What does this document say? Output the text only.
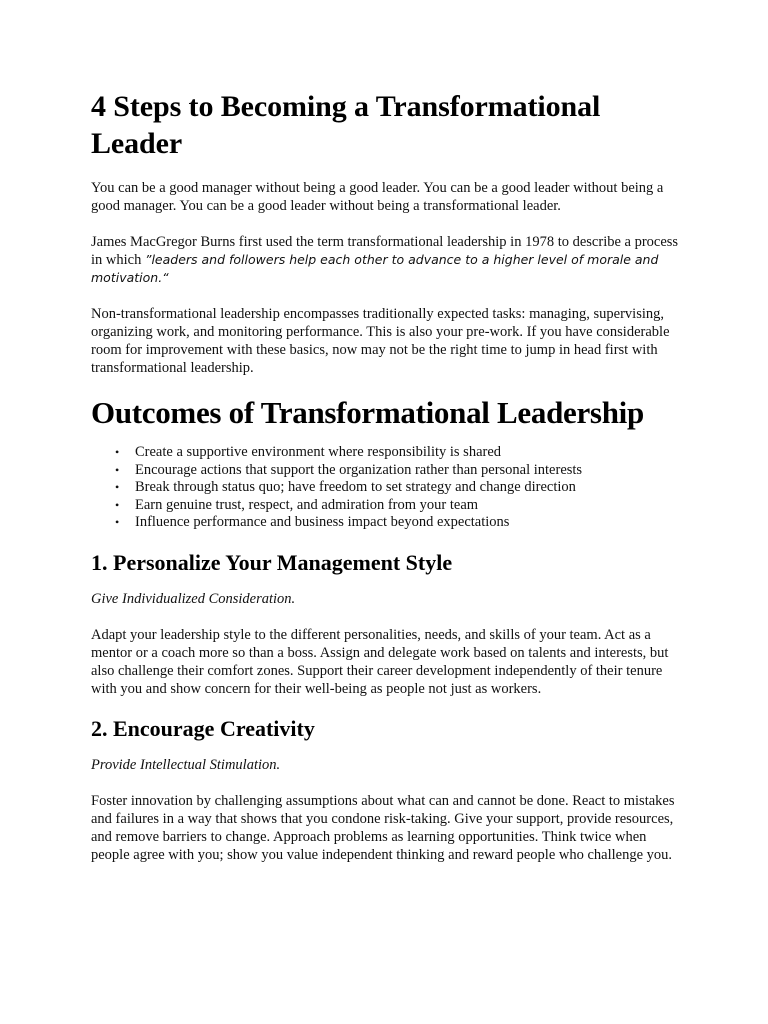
4 Steps to Becoming a Transformational Leader

You can be a good manager without being a good leader. You can be a good leader without being a good manager. You can be a good leader without being a transformational leader.

James MacGregor Burns first used the term transformational leadership in 1978 to describe a process in which ”leaders and followers help each other to advance to a higher level of morale and motivation.“

Non-transformational leadership encompasses traditionally expected tasks: managing, supervising, organizing work, and monitoring performance. This is also your pre-work. If you have considerable room for improvement with these basics, now may not be the right time to jump in head first with transformational leadership.

Outcomes of Transformational Leadership
• Create a supportive environment where responsibility is shared
• Encourage actions that support the organization rather than personal interests
• Break through status quo; have freedom to set strategy and change direction
• Earn genuine trust, respect, and admiration from your team
• Influence performance and business impact beyond expectations
1. Personalize Your Management Style

Give Individualized Consideration.

Adapt your leadership style to the different personalities, needs, and skills of your team. Act as a mentor or a coach more so than a boss. Assign and delegate work based on talents and interests, but also challenge their comfort zones. Support their career development independently of their tenure with you and show concern for their well-being as people not just as workers.

2. Encourage Creativity

Provide Intellectual Stimulation.

Foster innovation by challenging assumptions about what can and cannot be done. React to mistakes and failures in a way that shows that you condone risk-taking. Give your support, provide resources, and remove barriers to change. Approach problems as learning opportunities. Think twice when people agree with you; show you value independent thinking and reward people who challenge you.
